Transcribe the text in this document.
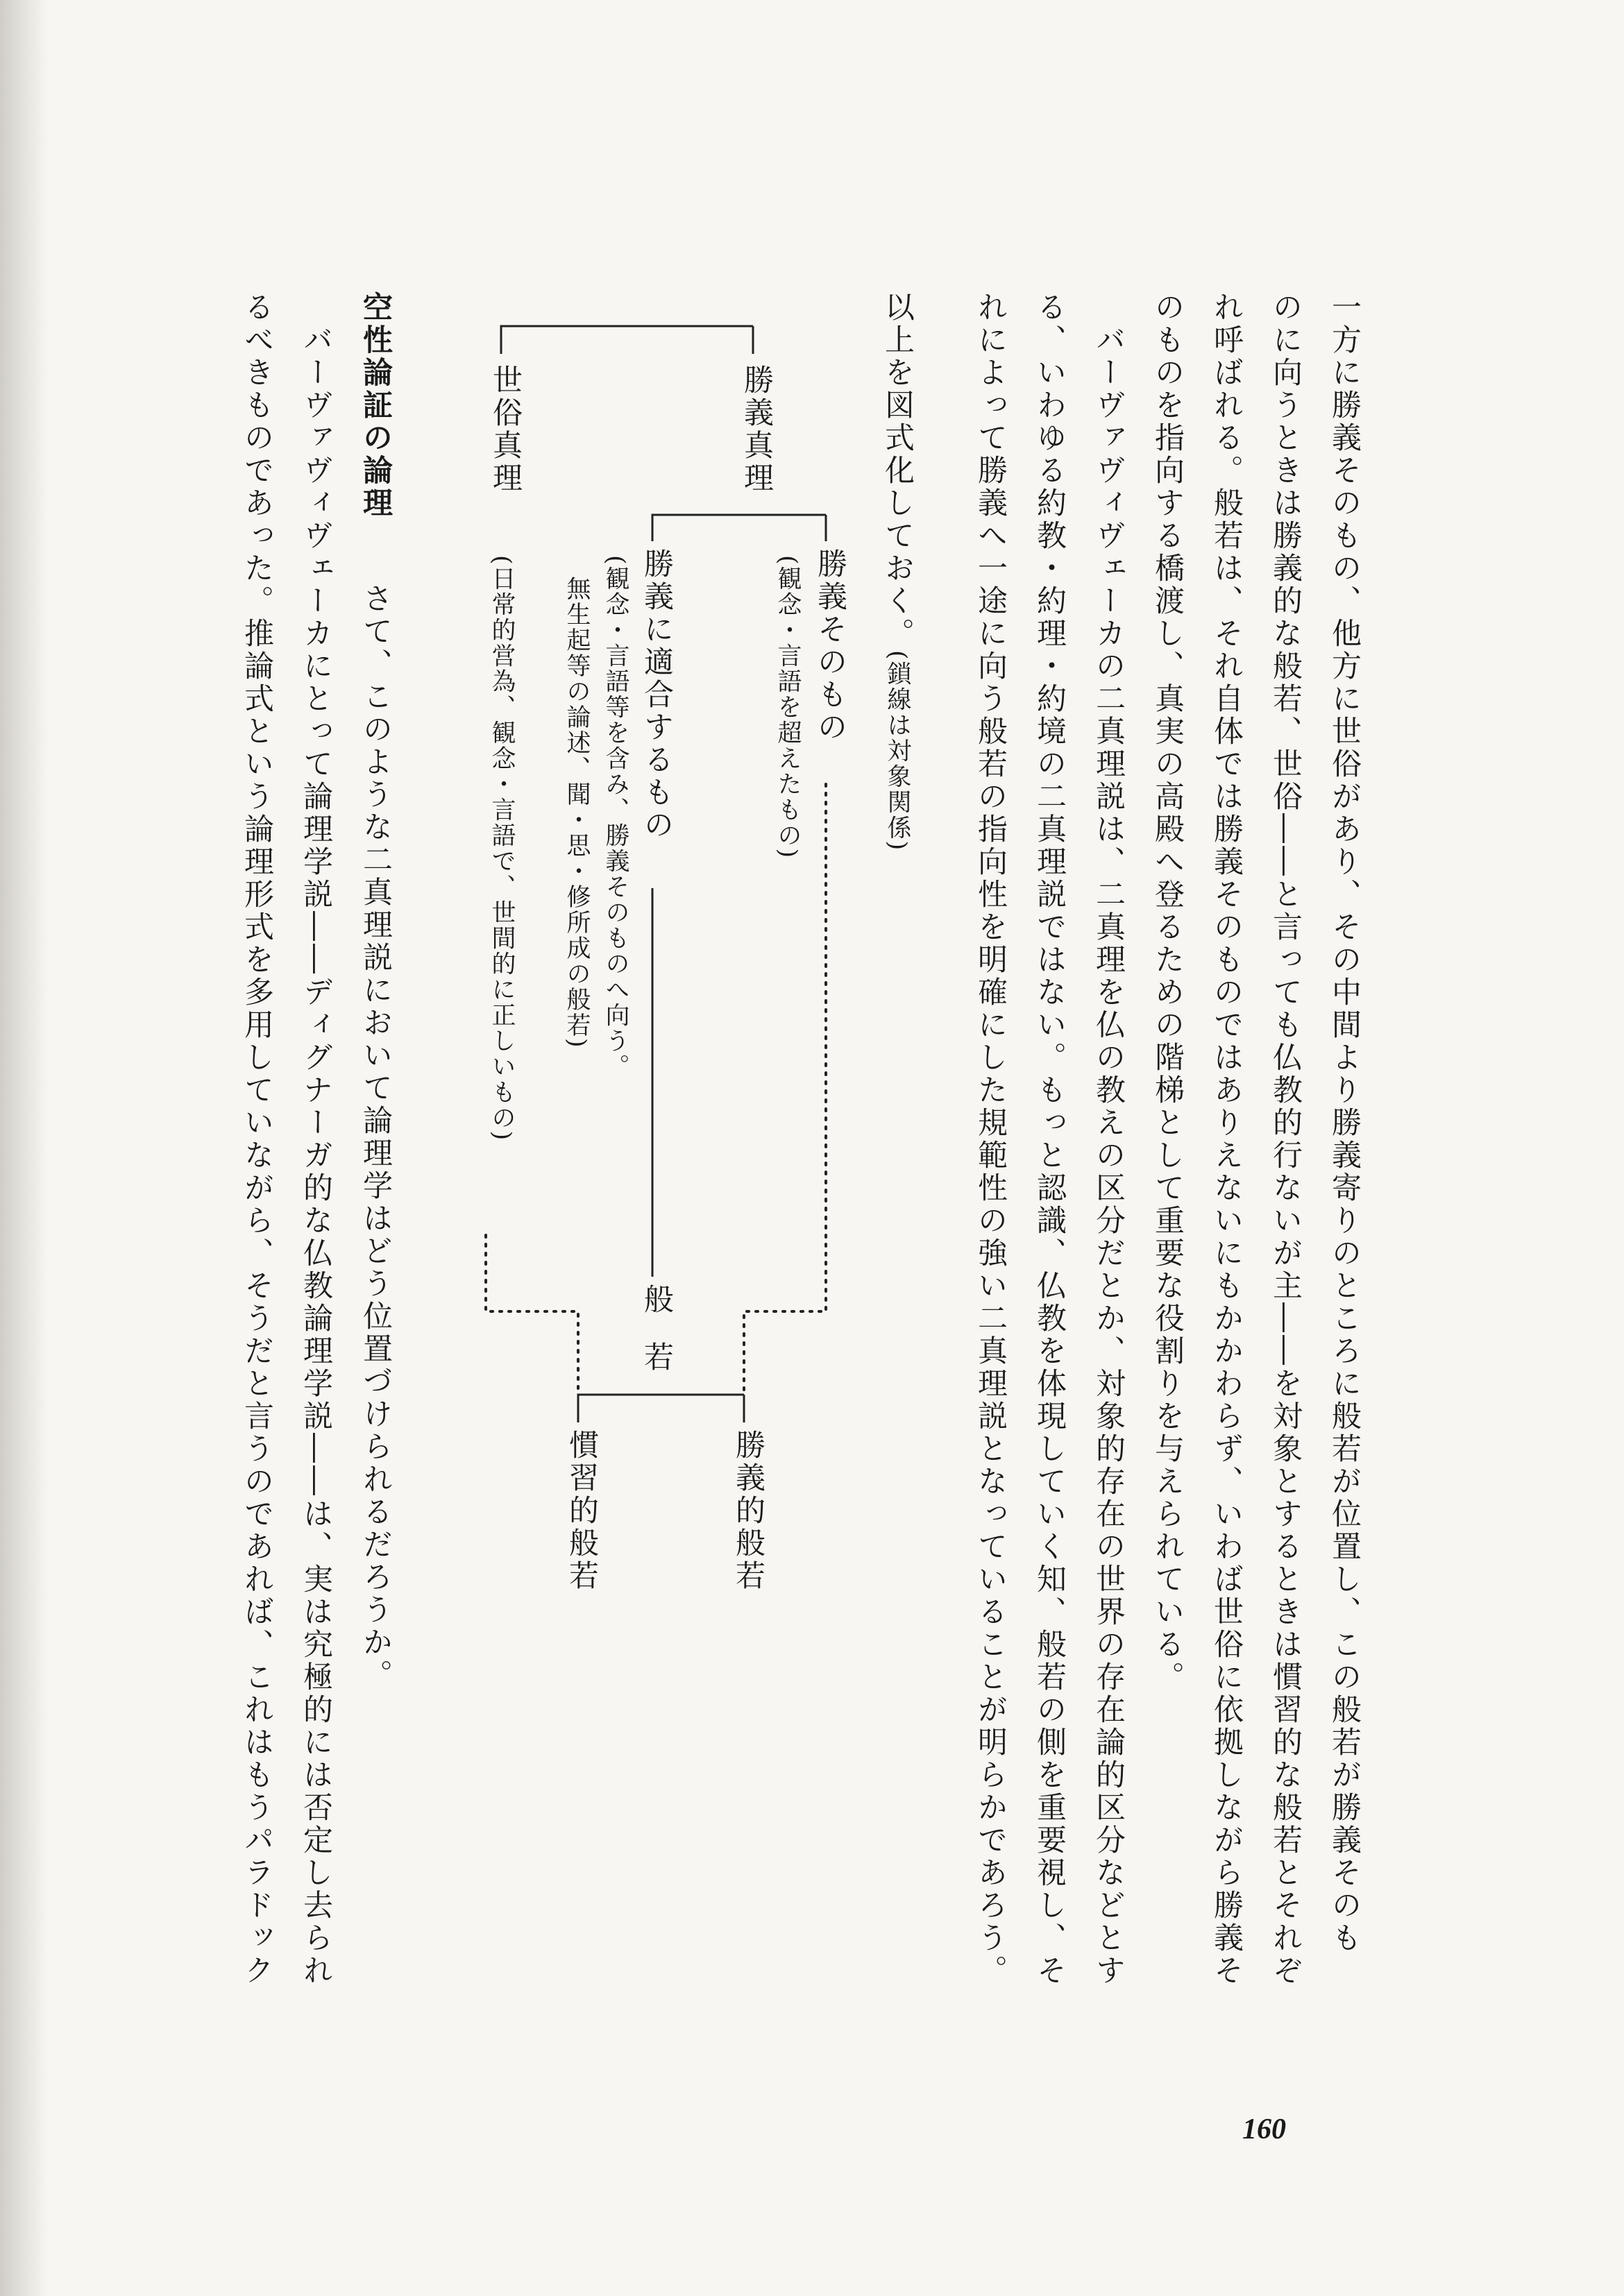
一方に勝義そのもの、他方に世俗があり、その中間より勝義寄りのところに般若が位置し、この般若が勝義そのも
のに向うときは勝義的な般若、世俗――と言っても仏教的行ないが主――を対象とするときは慣習的な般若とそれぞ
れ呼ばれる。般若は、それ自体では勝義そのものではありえないにもかかわらず、いわば世俗に依拠しながら勝義そ
のものを指向する橋渡し、真実の高殿へ登るための階梯として重要な役割りを与えられている。
　バーヴァヴィヴェーカの二真理説は、二真理を仏の教えの区分だとか、対象的存在の世界の存在論的区分などとす
る、いわゆる約教・約理・約境の二真理説ではない。もっと認識、仏教を体現していく知、般若の側を重要視し、そ
れによって勝義へ一途に向う般若の指向性を明確にした規範性の強い二真理説となっていることが明らかであろう。
以上を図式化しておく。(鎖線は対象関係)
勝義真理
世俗真理
(日常的営為、観念・言語で、世間的に正しいもの)	勝義そのもの
(観念・言語を超えたもの)
勝義に適合するもの
(観念・言語等を含み、勝義そのものへ向う。
無生起等の論述、聞・思・修所成の般若)
般若
勝義的般若
慣習的般若
空性論証の論理
さて、このような二真理説において論理学はどう位置づけられるだろうか。
　バーヴァヴィヴェーカにとって論理学説――ディグナーガ的な仏教論理学説――は、実は究極的には否定し去られ
るべきものであった。推論式という論理形式を多用していながら、そうだと言うのであれば、これはもうパラドック
160
